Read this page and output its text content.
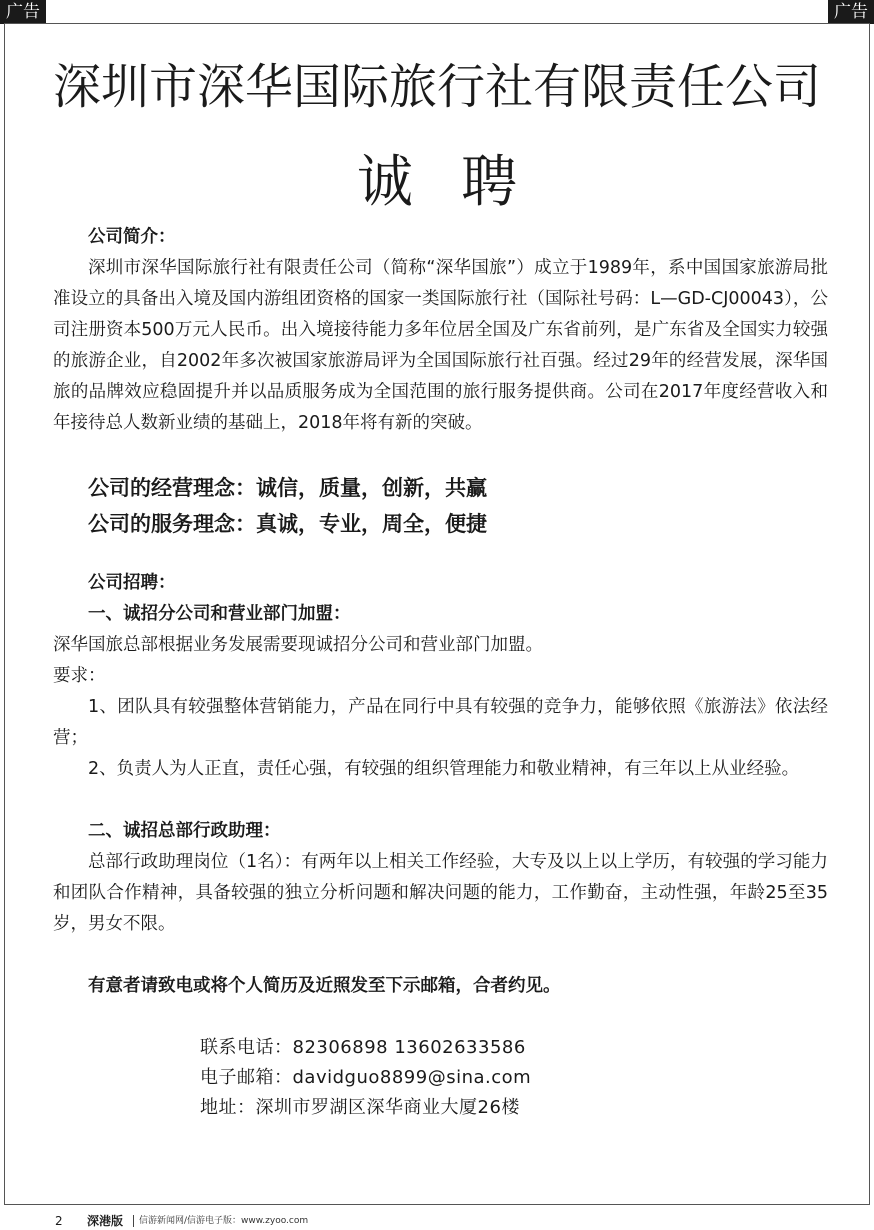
广告	广告
深圳市深华国际旅行社有限责任公司
诚聘
公司简介：

深圳市深华国际旅行社有限责任公司（简称“深华国旅”）成立于1989年，系中国国家旅游局批准设立的具备出入境及国内游组团资格的国家一类国际旅行社（国际社号码：L—GD-CJ00043），公司注册资本500万元人民币。出入境接待能力多年位居全国及广东省前列，是广东省及全国实力较强的旅游企业，自2002年多次被国家旅游局评为全国国际旅行社百强。经过29年的经营发展，深华国旅的品牌效应稳固提升并以品质服务成为全国范围的旅行服务提供商。公司在2017年度经营收入和年接待总人数新业绩的基础上，2018年将有新的突破。

公司的经营理念：诚信，质量，创新，共赢
公司的服务理念：真诚，专业，周全，便捷
公司招聘：
一、诚招分公司和营业部门加盟：

深华国旅总部根据业务发展需要现诚招分公司和营业部门加盟。

要求：

1、团队具有较强整体营销能力，产品在同行中具有较强的竞争力，能够依照《旅游法》依法经营；

2、负责人为人正直，责任心强，有较强的组织管理能力和敬业精神，有三年以上从业经验。

二、诚招总部行政助理：

总部行政助理岗位（1名）：有两年以上相关工作经验，大专及以上以上学历，有较强的学习能力和团队合作精神，具备较强的独立分析问题和解决问题的能力，工作勤奋，主动性强，年龄25至35岁，男女不限。

有意者请致电或将个人简历及近照发至下示邮箱，合者约见。
联系电话：82306898 13602633586
电子邮箱：davidguo8899@sina.com
地址：深圳市罗湖区深华商业大厦26楼
2 深港版 信游新闻网/信游电子版：www.zyoo.com
